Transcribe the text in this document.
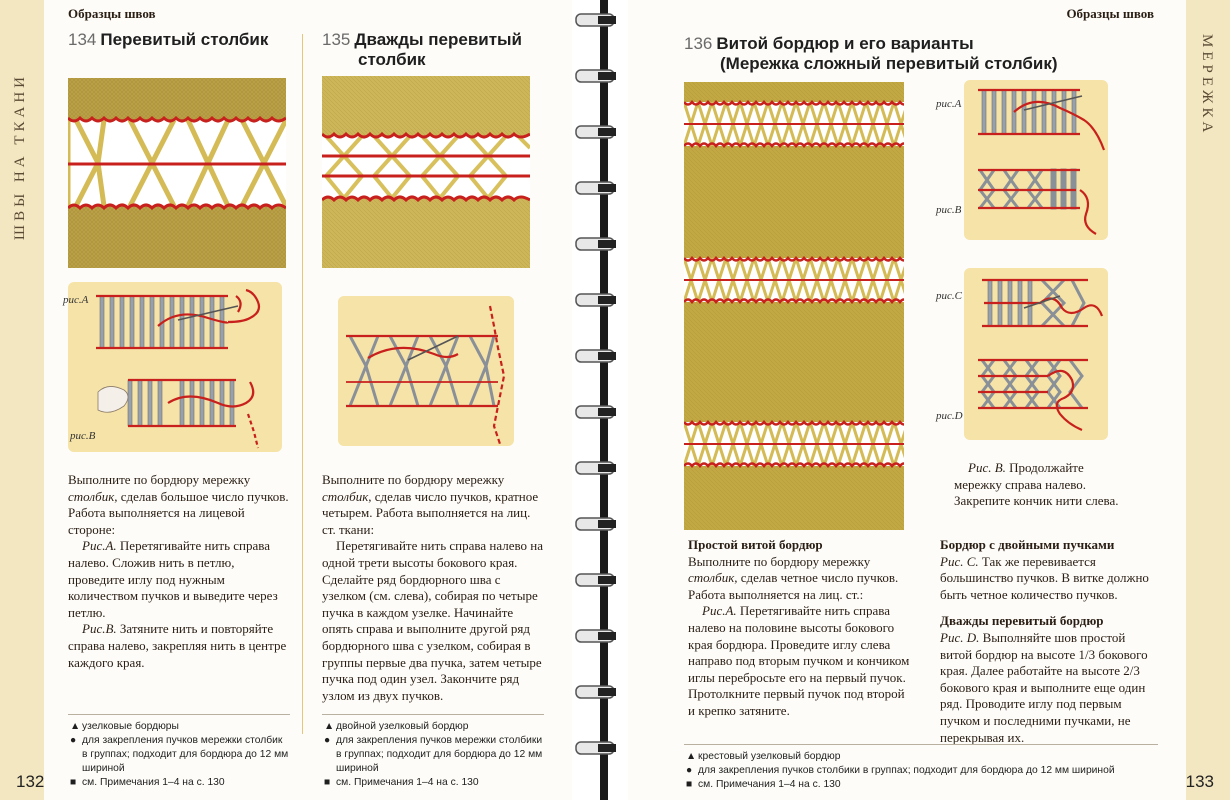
ШВЫ НА ТКАНИ
Образцы швов
134 Перевитый столбик
рис.A
рис.B

Выполните по бордюру мережку столбик, сделав большое число пучков. Работа выполняется на лицевой стороне:

Рис.А. Перетягивайте нить справа налево. Сложив нить в петлю, проведите иглу под нужным количеством пучков и выведите через петлю.

Рис.В. Затяните нить и повторяйте справа налево, закрепляя нить в центре каждого края.

▲ узелковые бордюры
● для закрепления пучков мережки столбик
в группах; подходит для бордюра до 12 мм
шириной
■ см. Примечания 1–4 на с. 130
135 Дважды перевитый
столбик

Выполните по бордюру мережку столбик, сделав число пучков, кратное четырем. Работа выполняется на лиц. ст. ткани:

Перетягивайте нить справа налево на одной трети высоты бокового края. Сделайте ряд бордюрного шва с узелком (см. слева), собирая по четыре пучка в каждом узелке. Начинайте опять справа и выполните другой ряд бордюрного шва с узелком, собирая в группы первые два пучка, затем четыре пучка под один узел. Закончите ряд узлом из двух пучков.

▲ двойной узелковый бордюр
● для закрепления пучков мережки столбики
в группах; подходит для бордюра до 12 мм
шириной
■ см. Примечания 1–4 на с. 130
132
МЕРЕЖКА
Образцы швов
136 Витой бордюр и его варианты
(Мережка сложный перевитый столбик)
рис.A
рис.B
рис.C
рис.D

Рис. В. Продолжайте мережку справа налево. Закрепите кончик нити слева.

Простой витой бордюр

Выполните по бордюру мережку столбик, сделав четное число пучков. Работа выполняется на лиц. ст.:

Рис.А. Перетягивайте нить справа налево на половине высоты бокового края бордюра. Проведите иглу слева направо под вторым пучком и кончиком иглы перебросьте его на первый пучок. Протолкните первый пучок под второй и крепко затяните.

Бордюр с двойными пучками

Рис. С. Так же перевивается большинство пучков. В витке должно быть четное количество пучков.

Дважды перевитый бордюр

Рис. D. Выполняйте шов простой витой бордюр на высоте 1/3 бокового края. Далее работайте на высоте 2/3 бокового края и выполните еще один ряд. Проводите иглу под первым пучком и последними пучками, не перекрывая их.

▲ крестовый узелковый бордюр
● для закрепления пучков столбики в группах; подходит для бордюра до 12 мм шириной
■ см. Примечания 1–4 на с. 130	133
